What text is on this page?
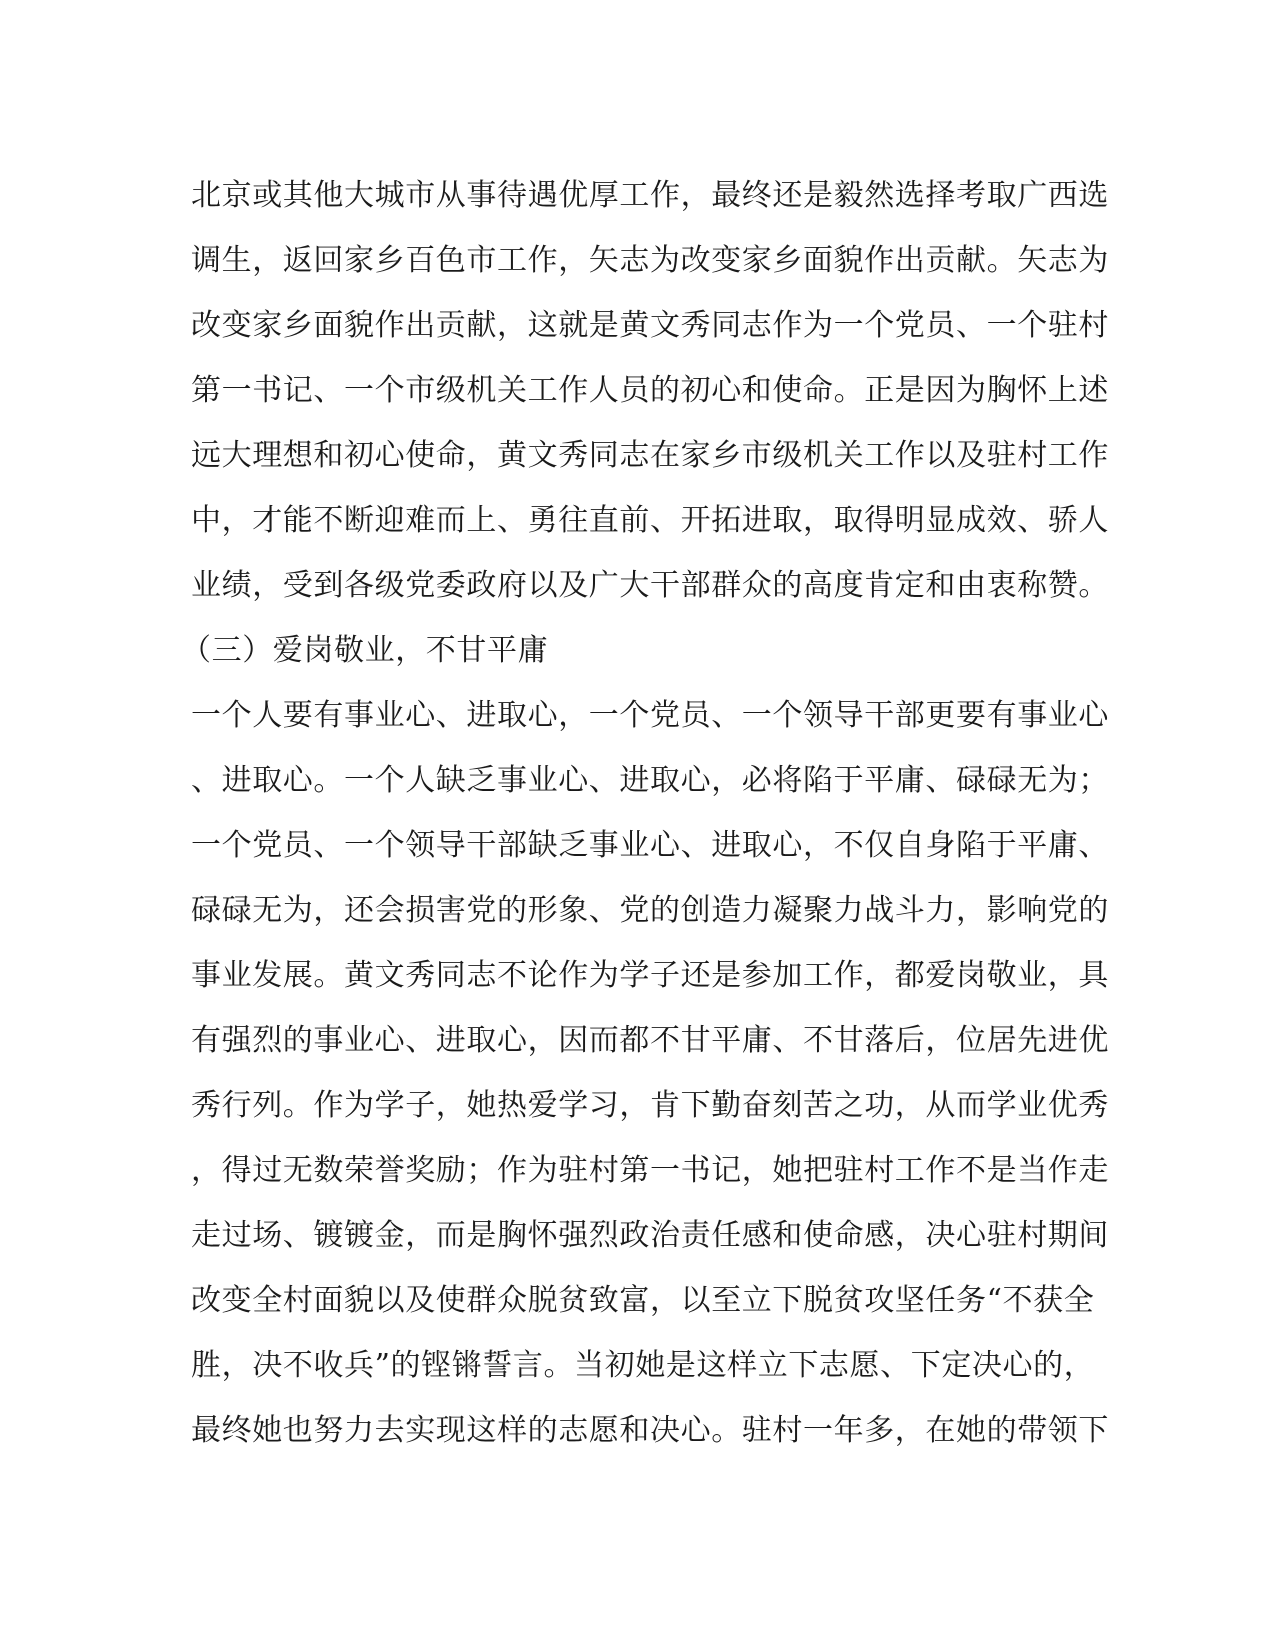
北京或其他大城市从事待遇优厚工作，最终还是毅然选择考取广西选
调生，返回家乡百色市工作，矢志为改变家乡面貌作出贡献。矢志为
改变家乡面貌作出贡献，这就是黄文秀同志作为一个党员、一个驻村
第一书记、一个市级机关工作人员的初心和使命。正是因为胸怀上述
远大理想和初心使命，黄文秀同志在家乡市级机关工作以及驻村工作
中，才能不断迎难而上、勇往直前、开拓进取，取得明显成效、骄人
业绩，受到各级党委政府以及广大干部群众的高度肯定和由衷称赞。
（三）爱岗敬业，不甘平庸
一个人要有事业心、进取心，一个党员、一个领导干部更要有事业心
、进取心。一个人缺乏事业心、进取心，必将陷于平庸、碌碌无为；
一个党员、一个领导干部缺乏事业心、进取心，不仅自身陷于平庸、
碌碌无为，还会损害党的形象、党的创造力凝聚力战斗力，影响党的
事业发展。黄文秀同志不论作为学子还是参加工作，都爱岗敬业，具
有强烈的事业心、进取心，因而都不甘平庸、不甘落后，位居先进优
秀行列。作为学子，她热爱学习，肯下勤奋刻苦之功，从而学业优秀
，得过无数荣誉奖励；作为驻村第一书记，她把驻村工作不是当作走
走过场、镀镀金，而是胸怀强烈政治责任感和使命感，决心驻村期间
改变全村面貌以及使群众脱贫致富，以至立下脱贫攻坚任务“不获全
胜，决不收兵”的铿锵誓言。当初她是这样立下志愿、下定决心的，
最终她也努力去实现这样的志愿和决心。驻村一年多，在她的带领下
